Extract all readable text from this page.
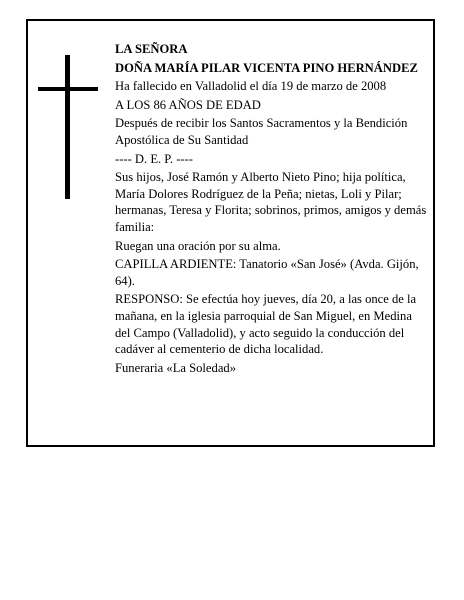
LA SEÑORA

DOÑA MARÍA PILAR VICENTA PINO HERNÁNDEZ

Ha fallecido en Valladolid el día 19 de marzo de 2008

A LOS 86 AÑOS DE EDAD

Después de recibir los Santos Sacramentos y la Bendición Apostólica de Su Santidad

---- D. E. P. ----

Sus hijos, José Ramón y Alberto Nieto Pino; hija política, María Dolores Rodríguez de la Peña; nietas, Loli y Pilar; hermanas, Teresa y Florita; sobrinos, primos, amigos y demás familia:

Ruegan una oración por su alma.

CAPILLA ARDIENTE: Tanatorio «San José» (Avda. Gijón, 64).

RESPONSO: Se efectúa hoy jueves, día 20, a las once de la mañana, en la iglesia parroquial de San Miguel, en Medina del Campo (Valladolid), y acto seguido la conducción del cadáver al cementerio de dicha localidad.

Funeraria «La Soledad»
